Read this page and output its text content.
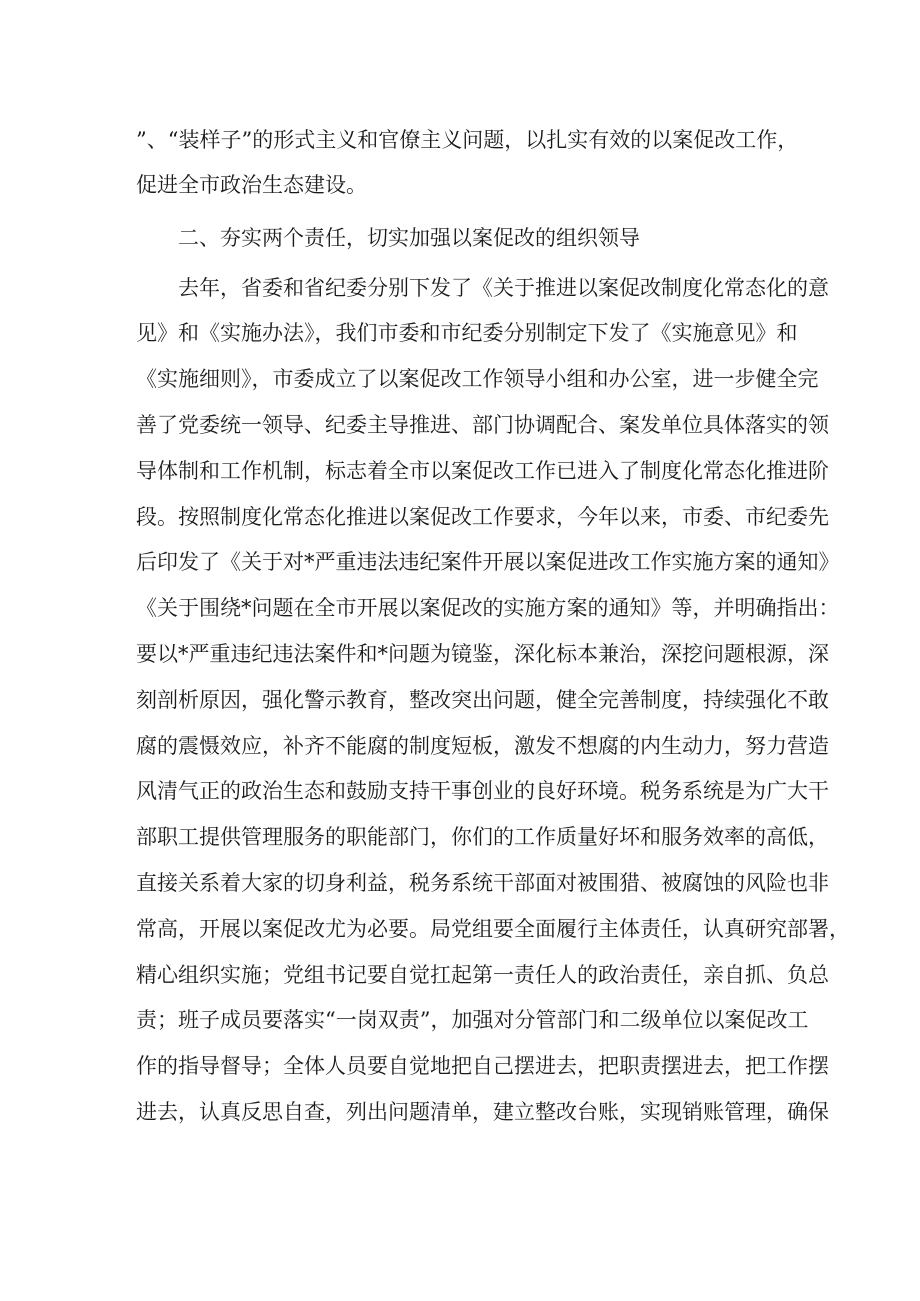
”、“装样子”的形式主义和官僚主义问题，以扎实有效的以案促改工作，
促进全市政治生态建设。
二、夯实两个责任，切实加强以案促改的组织领导
去年，省委和省纪委分别下发了《关于推进以案促改制度化常态化的意
见》和《实施办法》，我们市委和市纪委分别制定下发了《实施意见》和
《实施细则》，市委成立了以案促改工作领导小组和办公室，进一步健全完
善了党委统一领导、纪委主导推进、部门协调配合、案发单位具体落实的领
导体制和工作机制，标志着全市以案促改工作已进入了制度化常态化推进阶
段。按照制度化常态化推进以案促改工作要求，今年以来，市委、市纪委先
后印发了《关于对*严重违法违纪案件开展以案促进改工作实施方案的通知》
《关于围绕*问题在全市开展以案促改的实施方案的通知》等，并明确指出：
要以*严重违纪违法案件和*问题为镜鉴，深化标本兼治，深挖问题根源，深
刻剖析原因，强化警示教育，整改突出问题，健全完善制度，持续强化不敢
腐的震慑效应，补齐不能腐的制度短板，激发不想腐的内生动力，努力营造
风清气正的政治生态和鼓励支持干事创业的良好环境。税务系统是为广大干
部职工提供管理服务的职能部门，你们的工作质量好坏和服务效率的高低，
直接关系着大家的切身利益，税务系统干部面对被围猎、被腐蚀的风险也非
常高，开展以案促改尤为必要。局党组要全面履行主体责任，认真研究部署，
精心组织实施；党组书记要自觉扛起第一责任人的政治责任，亲自抓、负总
责；班子成员要落实“一岗双责”，加强对分管部门和二级单位以案促改工
作的指导督导；全体人员要自觉地把自己摆进去，把职责摆进去，把工作摆
进去，认真反思自查，列出问题清单，建立整改台账，实现销账管理，确保
